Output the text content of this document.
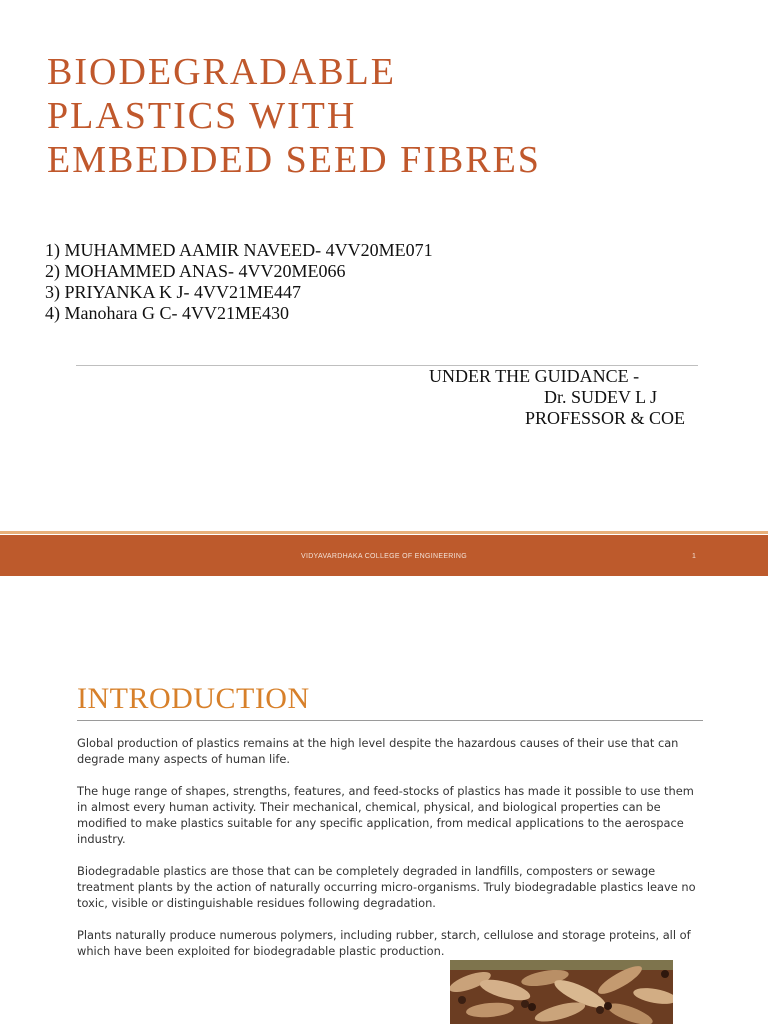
BIODEGRADABLE
PLASTICS WITH
EMBEDDED SEED FIBRES
1) MUHAMMED AAMIR NAVEED- 4VV20ME071
2) MOHAMMED ANAS- 4VV20ME066
3) PRIYANKA K J- 4VV21ME447
4) Manohara G C- 4VV21ME430
UNDER THE GUIDANCE -
Dr. SUDEV L J
PROFESSOR & COE
VIDYAVARDHAKA COLLEGE OF ENGINEERING	1
INTRODUCTION

Global production of plastics remains at the high level despite the hazardous causes of their use that can degrade many aspects of human life.

The huge range of shapes, strengths, features, and feed-stocks of plastics has made it possible to use them in almost every human activity. Their mechanical, chemical, physical, and biological properties can be modified to make plastics suitable for any specific application, from medical applications to the aerospace industry.

Biodegradable plastics are those that can be completely degraded in landfills, composters or sewage treatment plants by the action of naturally occurring micro-organisms. Truly biodegradable plastics leave no toxic, visible or distinguishable residues following degradation.

Plants naturally produce numerous polymers, including rubber, starch, cellulose and storage proteins, all of which have been exploited for biodegradable plastic production.
